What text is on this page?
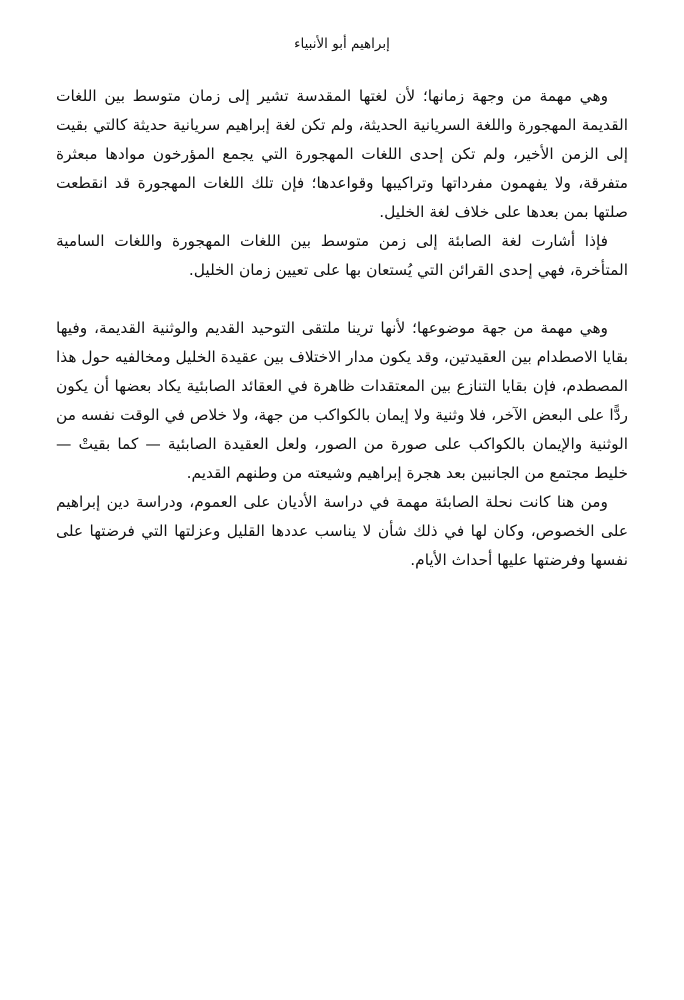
إبراهيم أبو الأنبياء

وهي مهمة من وجهة زمانها؛ لأن لغتها المقدسة تشير إلى زمان متوسط بين اللغات القديمة المهجورة واللغة السريانية الحديثة، ولم تكن لغة إبراهيم سريانية حديثة كالتي بقيت إلى الزمن الأخير، ولم تكن إحدى اللغات المهجورة التي يجمع المؤرخون موادها مبعثرة متفرقة، ولا يفهمون مفرداتها وتراكيبها وقواعدها؛ فإن تلك اللغات المهجورة قد انقطعت صلتها بمن بعدها على خلاف لغة الخليل.

فإذا أشارت لغة الصابئة إلى زمن متوسط بين اللغات المهجورة واللغات السامية المتأخرة، فهي إحدى القرائن التي يُستعان بها على تعيين زمان الخليل.

وهي مهمة من جهة موضوعها؛ لأنها ترينا ملتقى التوحيد القديم والوثنية القديمة، وفيها بقايا الاصطدام بين العقيدتين، وقد يكون مدار الاختلاف بين عقيدة الخليل ومخالفيه حول هذا المصطدم، فإن بقايا التنازع بين المعتقدات ظاهرة في العقائد الصابئية يكاد بعضها أن يكون ردًّا على البعض الآخر، فلا وثنية ولا إيمان بالكواكب من جهة، ولا خلاص في الوقت نفسه من الوثنية والإيمان بالكواكب على صورة من الصور، ولعل العقيدة الصابئية — كما بقيتْ — خليط مجتمع من الجانبين بعد هجرة إبراهيم وشيعته من وطنهم القديم.

ومن هنا كانت نحلة الصابئة مهمة في دراسة الأديان على العموم، ودراسة دين إبراهيم على الخصوص، وكان لها في ذلك شأن لا يناسب عددها القليل وعزلتها التي فرضتها على نفسها وفرضتها عليها أحداث الأيام.
